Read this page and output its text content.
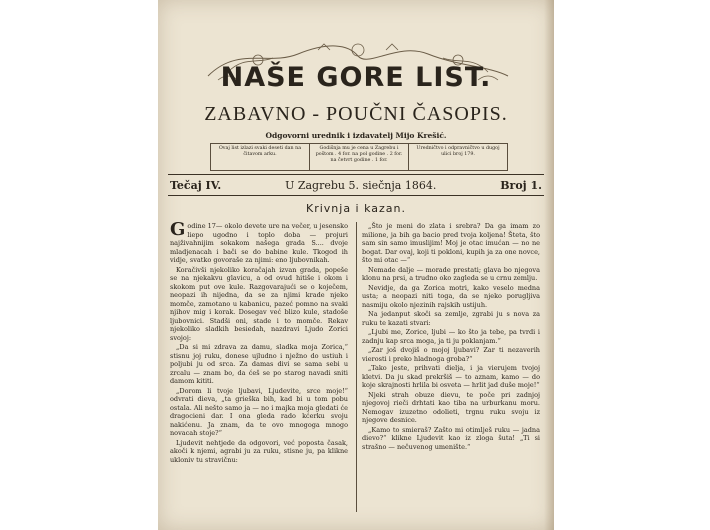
NAŠE GORE LIST.
ZABAVNO - POUČNI ČASOPIS.
Odgovorni urednik i izdavatelj Mijo Krešić.
Ovaj list izlazi svaki deseti dan na čitavom arku.
Godišnja mu je cena u Zagrebu i poštom . 4 for. na pol godine . 2 for. na četvrt godine . 1 for.
Uredničtvo i odpravničtvo u dugoj ulici broj 179.
Tečaj IV.	U Zagrebu 5. siečnja 1864.	Broj 1.
Krivnja i kazan.

Godine 17— okolo devete ure na večer, u jesensko liepo ugodno i toplo doba — projuri najživahnijim sokakom našega grada S.... dvoje mladjenacah i bači se do babine kule. Tkogod ih vidje, svatko govoraše za njimi: eno ljubovnikah.

Koračivši njekoliko koračajah izvan grada, popeše se na njekakvu glavicu, a od ovud hitiše i okom i skokom put ove kule. Razgovarajući se o koječem, neopazi ih nijedna, da se za njimi krade njeko momče, zamotano u kabanicu, pazeć pomno na svaki njihov mig i korak. Dosegav već blizo kule, stadoše ljubovnici. Stadši oni, stade i to momče. Rekav njekoliko sladkih besiedah, nazdravi Ljudo Zorici svojoj:

„Da si mi zdrava za damu, sladka moja Zorica,“ stisnu joj ruku, donese ujludno i nježno do ustiuh i poljubi ju od srca. Za damas divi se sama sebi u zrcalu — znam bo, da ćeš se po starog navadi sniti damom kititi.

„Dorom li tvoje ljubavi, Ljudevite, srce moje!“ odvrati dieva, „ta grieška bih, kad bi u tom pobu ostala. Ali nešto samo ja — no i majka moja gledati će dragocieni dar. I ona gleda rado kćerku svoju nakićenu. Ja znam, da te ovo mnogoga mnogo novacah stoje?“

Ljudevit nehtjede da odgovori, već poposta časak, akoči k njemi, agrabi ju za ruku, stisne ju, pa klikne ukloniv tu stravičnu:

„Što je meni do zlata i srebra? Da ga imam zo milione, ja bih ga bacio pred tvoja koljena! Šteta, što sam sin samo imuslijim! Moj je otac imućan — no ne bogat. Dar ovaj, koji ti pokloni, kupih ja za one novce, što mi otac —“

Nemade dalje — morade prestati; glava bo njegova klonu na prsi, a trudno oko zagleda se u crnu zemlju.

Nevidje, da ga Zorica motri, kako veselo medna usta; a neopazi niti toga, da se njeko poruglјiva nasmiju okolo njezinih rajskih ustijuh.

Na jedanput skoči sa zemlje, zgrabi ju s nova za ruku te kazati stvari:

„Ljubi me, Zorice, ljubi — ko što ja tebe, pa tvrdi i zadnju kap srca moga, ja ti ju poklanjam.“

„Zar još dvojiš o mojoj ljubavi? Zar ti nezaverih vierosti i preko hladnoga groba?“

„Tako jeste, prihvati dielja, i ja vierujem tvojoj kletvi. Da ju skad prekršiš — to aznam, kamo — do koje skrajnosti hrlila bi osveta — hrlit jad duše moje!“

Njeki strah obuze dievu, te poče pri zadnjoj njegovoj rieči drhtati kao tiba na urburkanu moru. Nemogav izuzetno odolieti, trgnu ruku svoju iz njegove desnice.

„Kamo to smieraš? Zašto mi otimlješ ruku — jadna dievo?“ klikne Ljudevit kao iz zloga šuta! „Ti si strašno — nečuvenog umenište.“
